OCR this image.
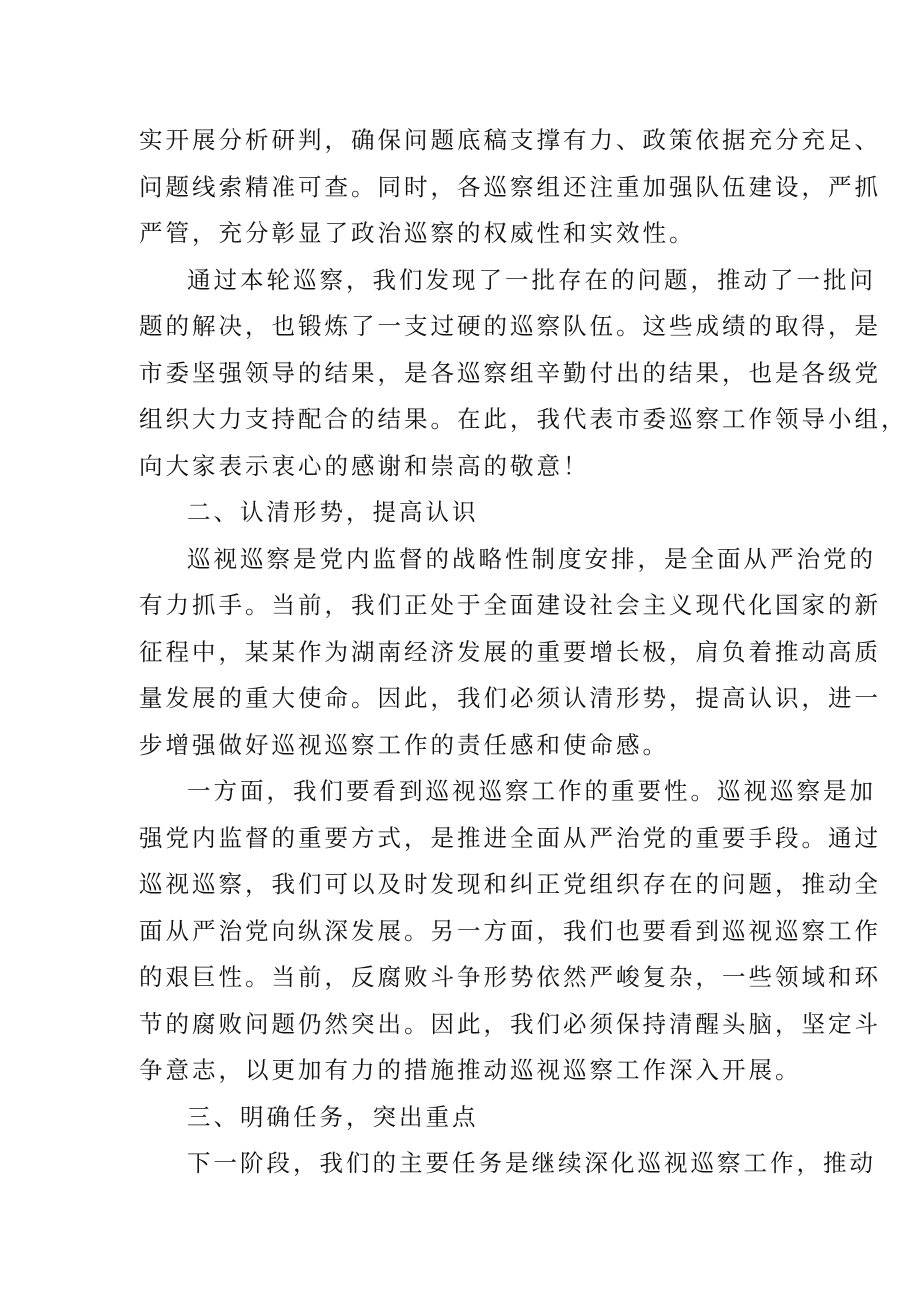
实开展分析研判，确保问题底稿支撑有力、政策依据充分充足、
问题线索精准可查。同时，各巡察组还注重加强队伍建设，严抓
严管，充分彰显了政治巡察的权威性和实效性。
通过本轮巡察，我们发现了一批存在的问题，推动了一批问
题的解决，也锻炼了一支过硬的巡察队伍。这些成绩的取得，是
市委坚强领导的结果，是各巡察组辛勤付出的结果，也是各级党
组织大力支持配合的结果。在此，我代表市委巡察工作领导小组，
向大家表示衷心的感谢和崇高的敬意！
二、认清形势，提高认识
巡视巡察是党内监督的战略性制度安排，是全面从严治党的
有力抓手。当前，我们正处于全面建设社会主义现代化国家的新
征程中，某某作为湖南经济发展的重要增长极，肩负着推动高质
量发展的重大使命。因此，我们必须认清形势，提高认识，进一
步增强做好巡视巡察工作的责任感和使命感。
一方面，我们要看到巡视巡察工作的重要性。巡视巡察是加
强党内监督的重要方式，是推进全面从严治党的重要手段。通过
巡视巡察，我们可以及时发现和纠正党组织存在的问题，推动全
面从严治党向纵深发展。另一方面，我们也要看到巡视巡察工作
的艰巨性。当前，反腐败斗争形势依然严峻复杂，一些领域和环
节的腐败问题仍然突出。因此，我们必须保持清醒头脑，坚定斗
争意志，以更加有力的措施推动巡视巡察工作深入开展。
三、明确任务，突出重点
下一阶段，我们的主要任务是继续深化巡视巡察工作，推动
